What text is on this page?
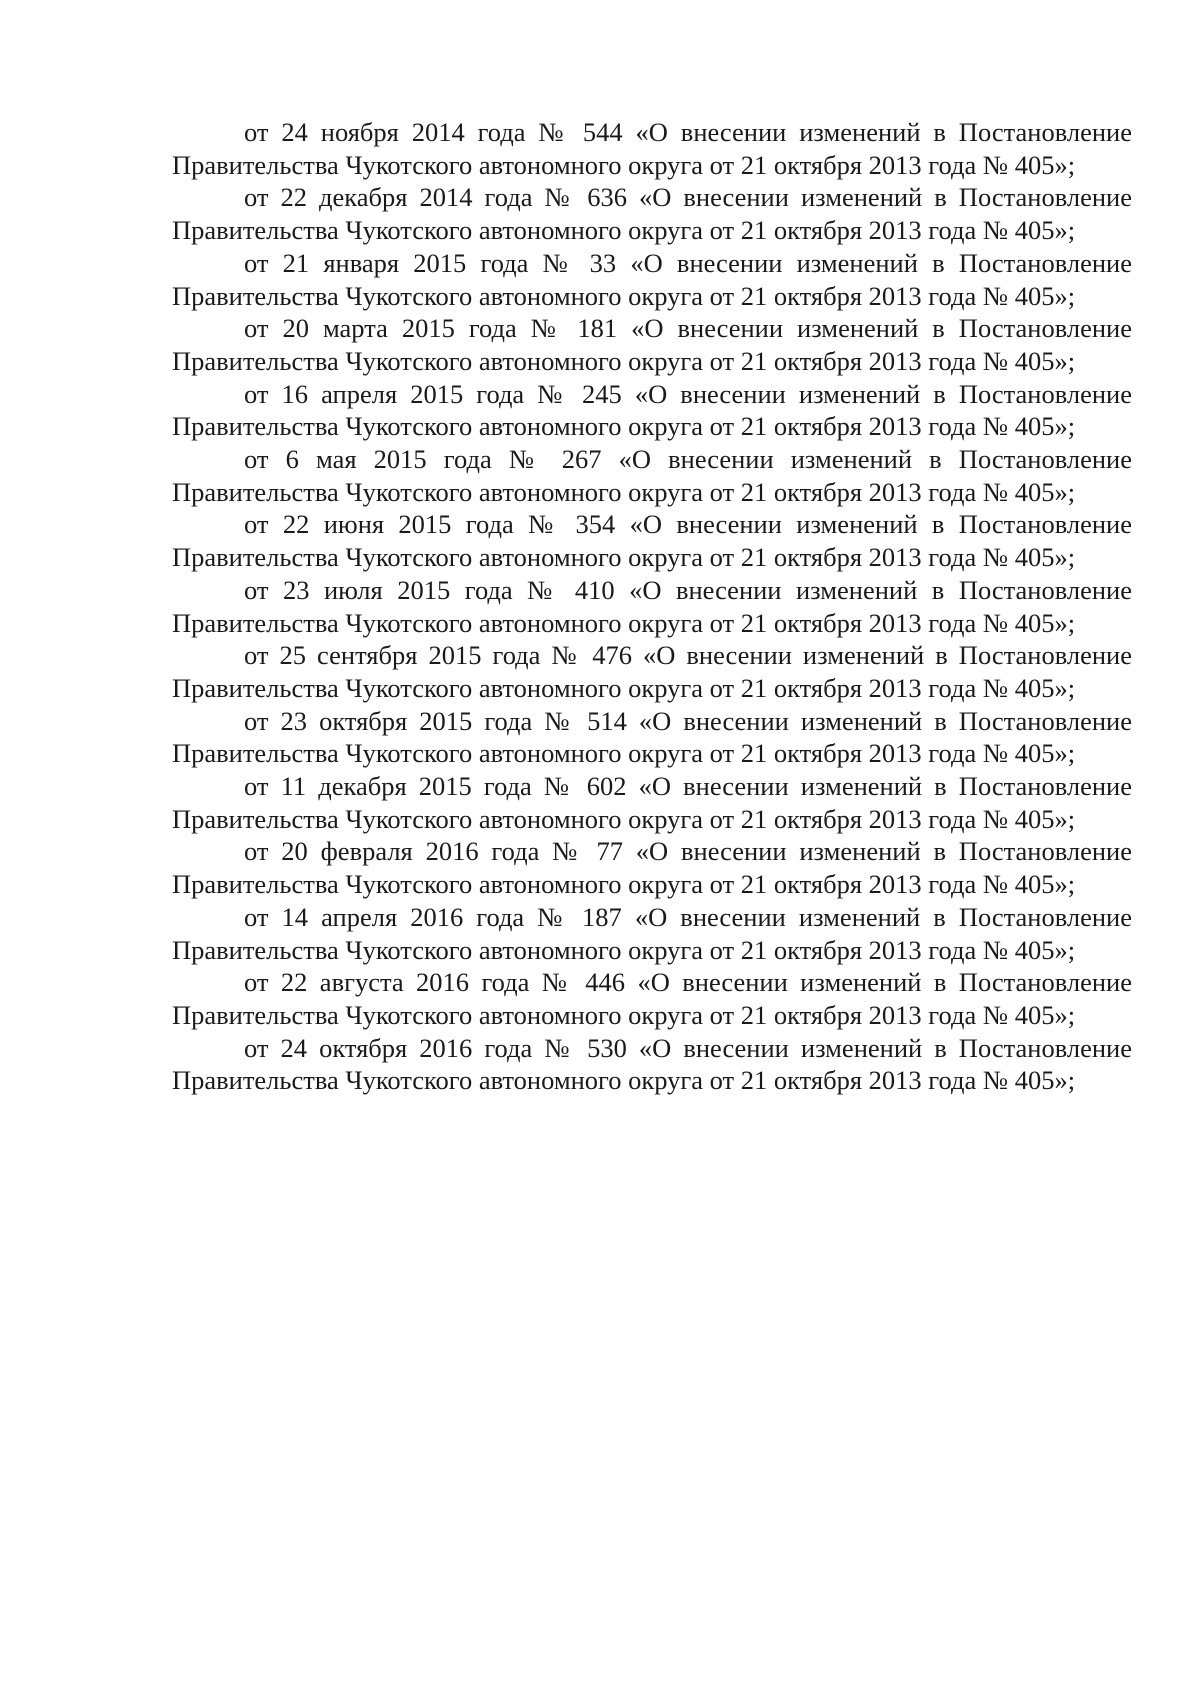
от 24 ноября 2014 года № 544 «О внесении изменений в Постановление Правительства Чукотского автономного округа от 21 октября 2013 года № 405»;

от 22 декабря 2014 года № 636 «О внесении изменений в Постановление Правительства Чукотского автономного округа от 21 октября 2013 года № 405»;

от 21 января 2015 года № 33 «О внесении изменений в Постановление Правительства Чукотского автономного округа от 21 октября 2013 года № 405»;

от 20 марта 2015 года № 181 «О внесении изменений в Постановление Правительства Чукотского автономного округа от 21 октября 2013 года № 405»;

от 16 апреля 2015 года № 245 «О внесении изменений в Постановление Правительства Чукотского автономного округа от 21 октября 2013 года № 405»;

от 6 мая 2015 года № 267 «О внесении изменений в Постановление Правительства Чукотского автономного округа от 21 октября 2013 года № 405»;

от 22 июня 2015 года № 354 «О внесении изменений в Постановление Правительства Чукотского автономного округа от 21 октября 2013 года № 405»;

от 23 июля 2015 года № 410 «О внесении изменений в Постановление Правительства Чукотского автономного округа от 21 октября 2013 года № 405»;

от 25 сентября 2015 года № 476 «О внесении изменений в Постановление Правительства Чукотского автономного округа от 21 октября 2013 года № 405»;

от 23 октября 2015 года № 514 «О внесении изменений в Постановление Правительства Чукотского автономного округа от 21 октября 2013 года № 405»;

от 11 декабря 2015 года № 602 «О внесении изменений в Постановление Правительства Чукотского автономного округа от 21 октября 2013 года № 405»;

от 20 февраля 2016 года № 77 «О внесении изменений в Постановление Правительства Чукотского автономного округа от 21 октября 2013 года № 405»;

от 14 апреля 2016 года № 187 «О внесении изменений в Постановление Правительства Чукотского автономного округа от 21 октября 2013 года № 405»;

от 22 августа 2016 года № 446 «О внесении изменений в Постановление Правительства Чукотского автономного округа от 21 октября 2013 года № 405»;

от 24 октября 2016 года № 530 «О внесении изменений в Постановление Правительства Чукотского автономного округа от 21 октября 2013 года № 405»;
